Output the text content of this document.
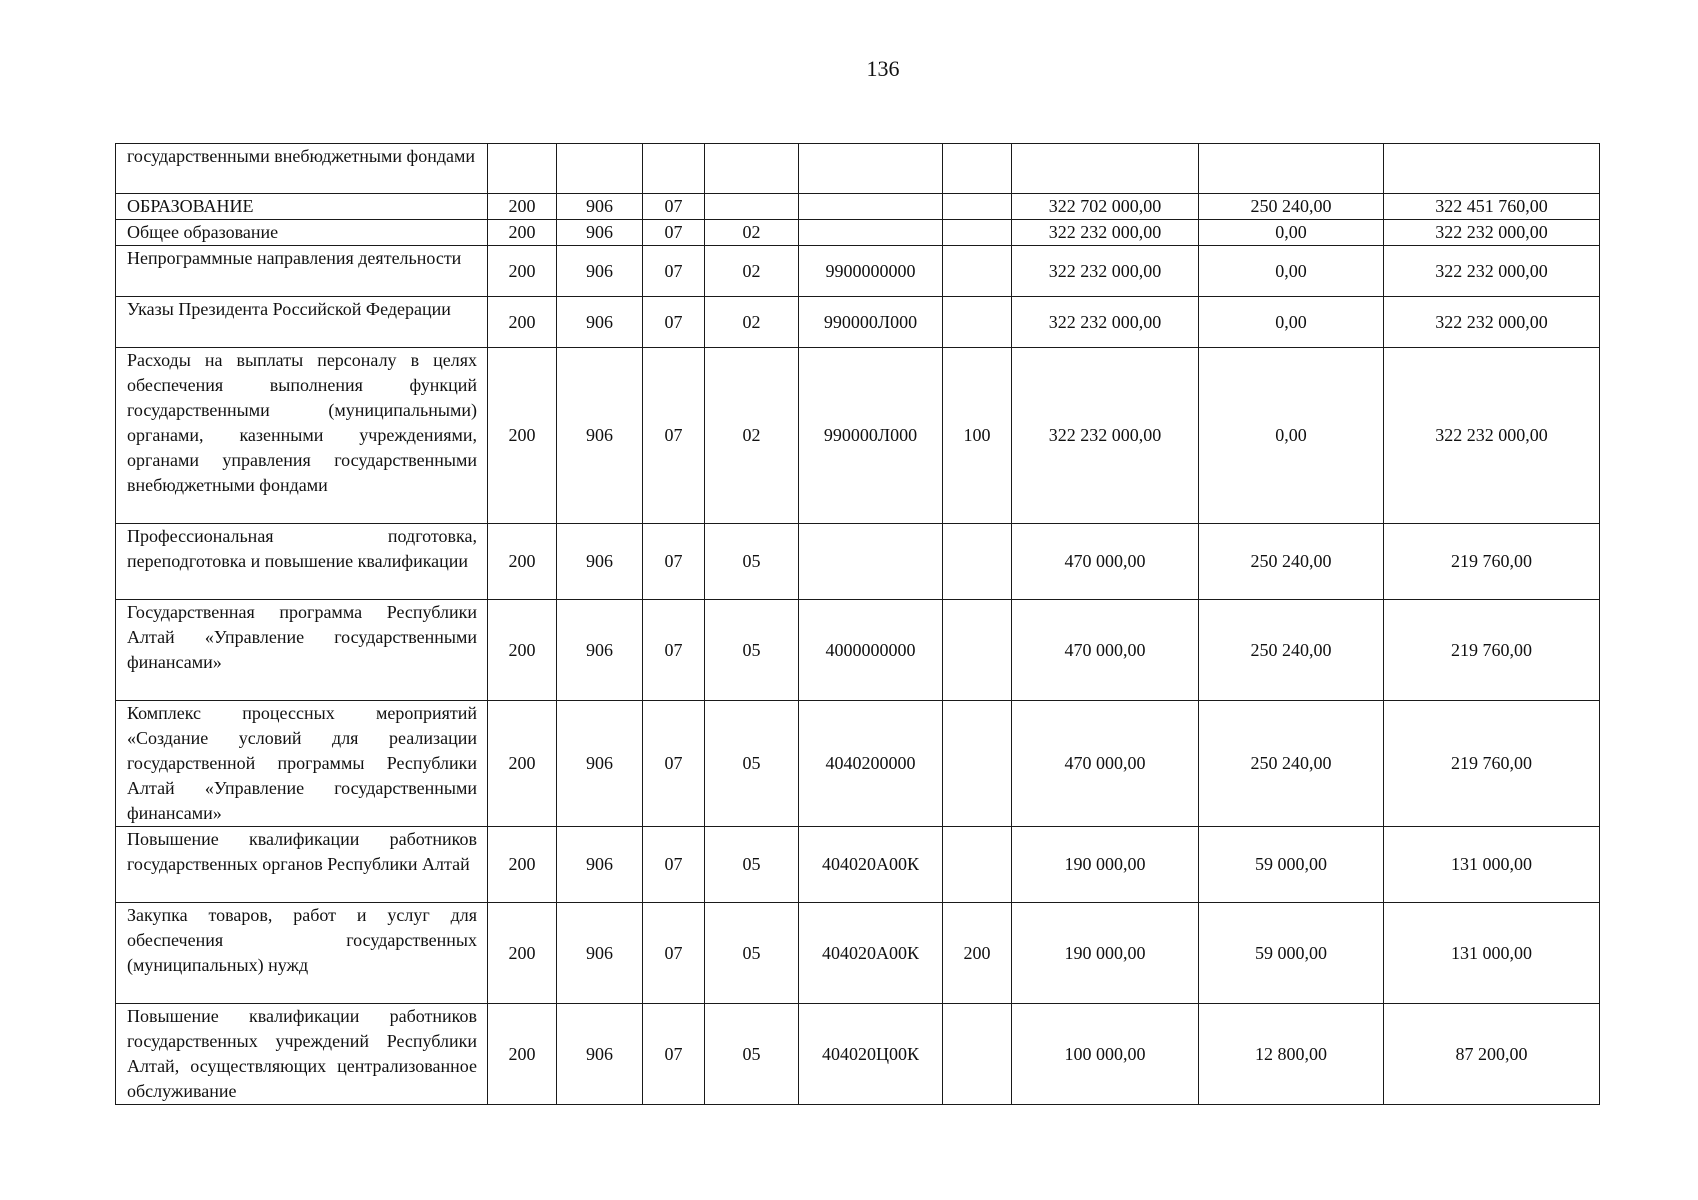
136
государственными внебюджетными фондами									
ОБРАЗОВАНИЕ	200	906	07				322 702 000,00	250 240,00	322 451 760,00
Общее образование	200	906	07	02			322 232 000,00	0,00	322 232 000,00
Непрограммные направления деятельности	200	906	07	02	9900000000		322 232 000,00	0,00	322 232 000,00
Указы Президента Российской Федерации	200	906	07	02	990000Л000		322 232 000,00	0,00	322 232 000,00
Расходы на выплаты персоналу в целях обеспечения выполнения функций государственными (муниципальными) органами, казенными учреждениями, органами управления государственными внебюджетными фондами	200	906	07	02	990000Л000	100	322 232 000,00	0,00	322 232 000,00
Профессиональная подготовка, переподготовка и повышение квалификации	200	906	07	05			470 000,00	250 240,00	219 760,00
Государственная программа Республики Алтай «Управление государственными финансами»	200	906	07	05	4000000000		470 000,00	250 240,00	219 760,00
Комплекс процессных мероприятий «Создание условий для реализации государственной программы Республики Алтай «Управление государственными финансами»	200	906	07	05	4040200000		470 000,00	250 240,00	219 760,00
Повышение квалификации работников государственных органов Республики Алтай	200	906	07	05	404020А00К		190 000,00	59 000,00	131 000,00
Закупка товаров, работ и услуг для обеспечения государственных (муниципальных) нужд	200	906	07	05	404020А00К	200	190 000,00	59 000,00	131 000,00
Повышение квалификации работников государственных учреждений Республики Алтай, осуществляющих централизованное обслуживание	200	906	07	05	404020Ц00К		100 000,00	12 800,00	87 200,00
